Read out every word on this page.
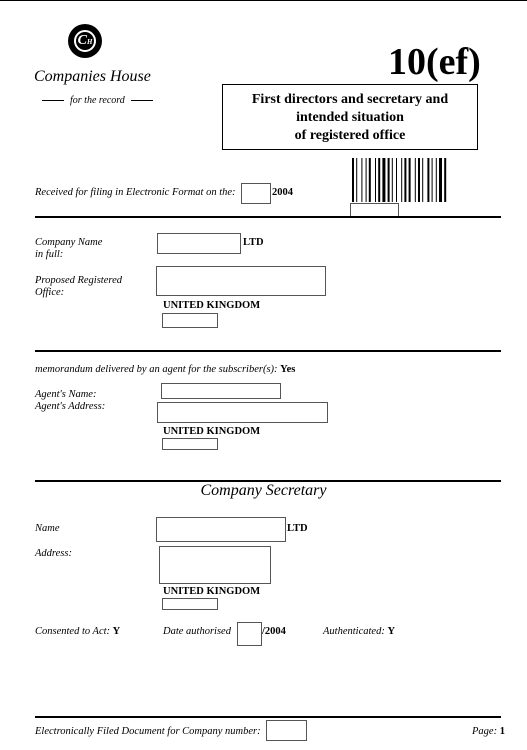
CH
Companies House
for the record
10(ef)
First directors and secretary and
intended situation
of registered office
Received for filing in Electronic Format on the:	2004
Company Name
in full:
LTD
Proposed Registered
Office:
UNITED KINGDOM
memorandum delivered by an agent for the subscriber(s): Yes
Agent's Name:
Agent's Address:
UNITED KINGDOM
Company Secretary
Name	LTD
Address:
UNITED KINGDOM
Consented to Act: Y	Date authorised	/2004	Authenticated: Y
Electronically Filed Document for Company number:	Page: 1
